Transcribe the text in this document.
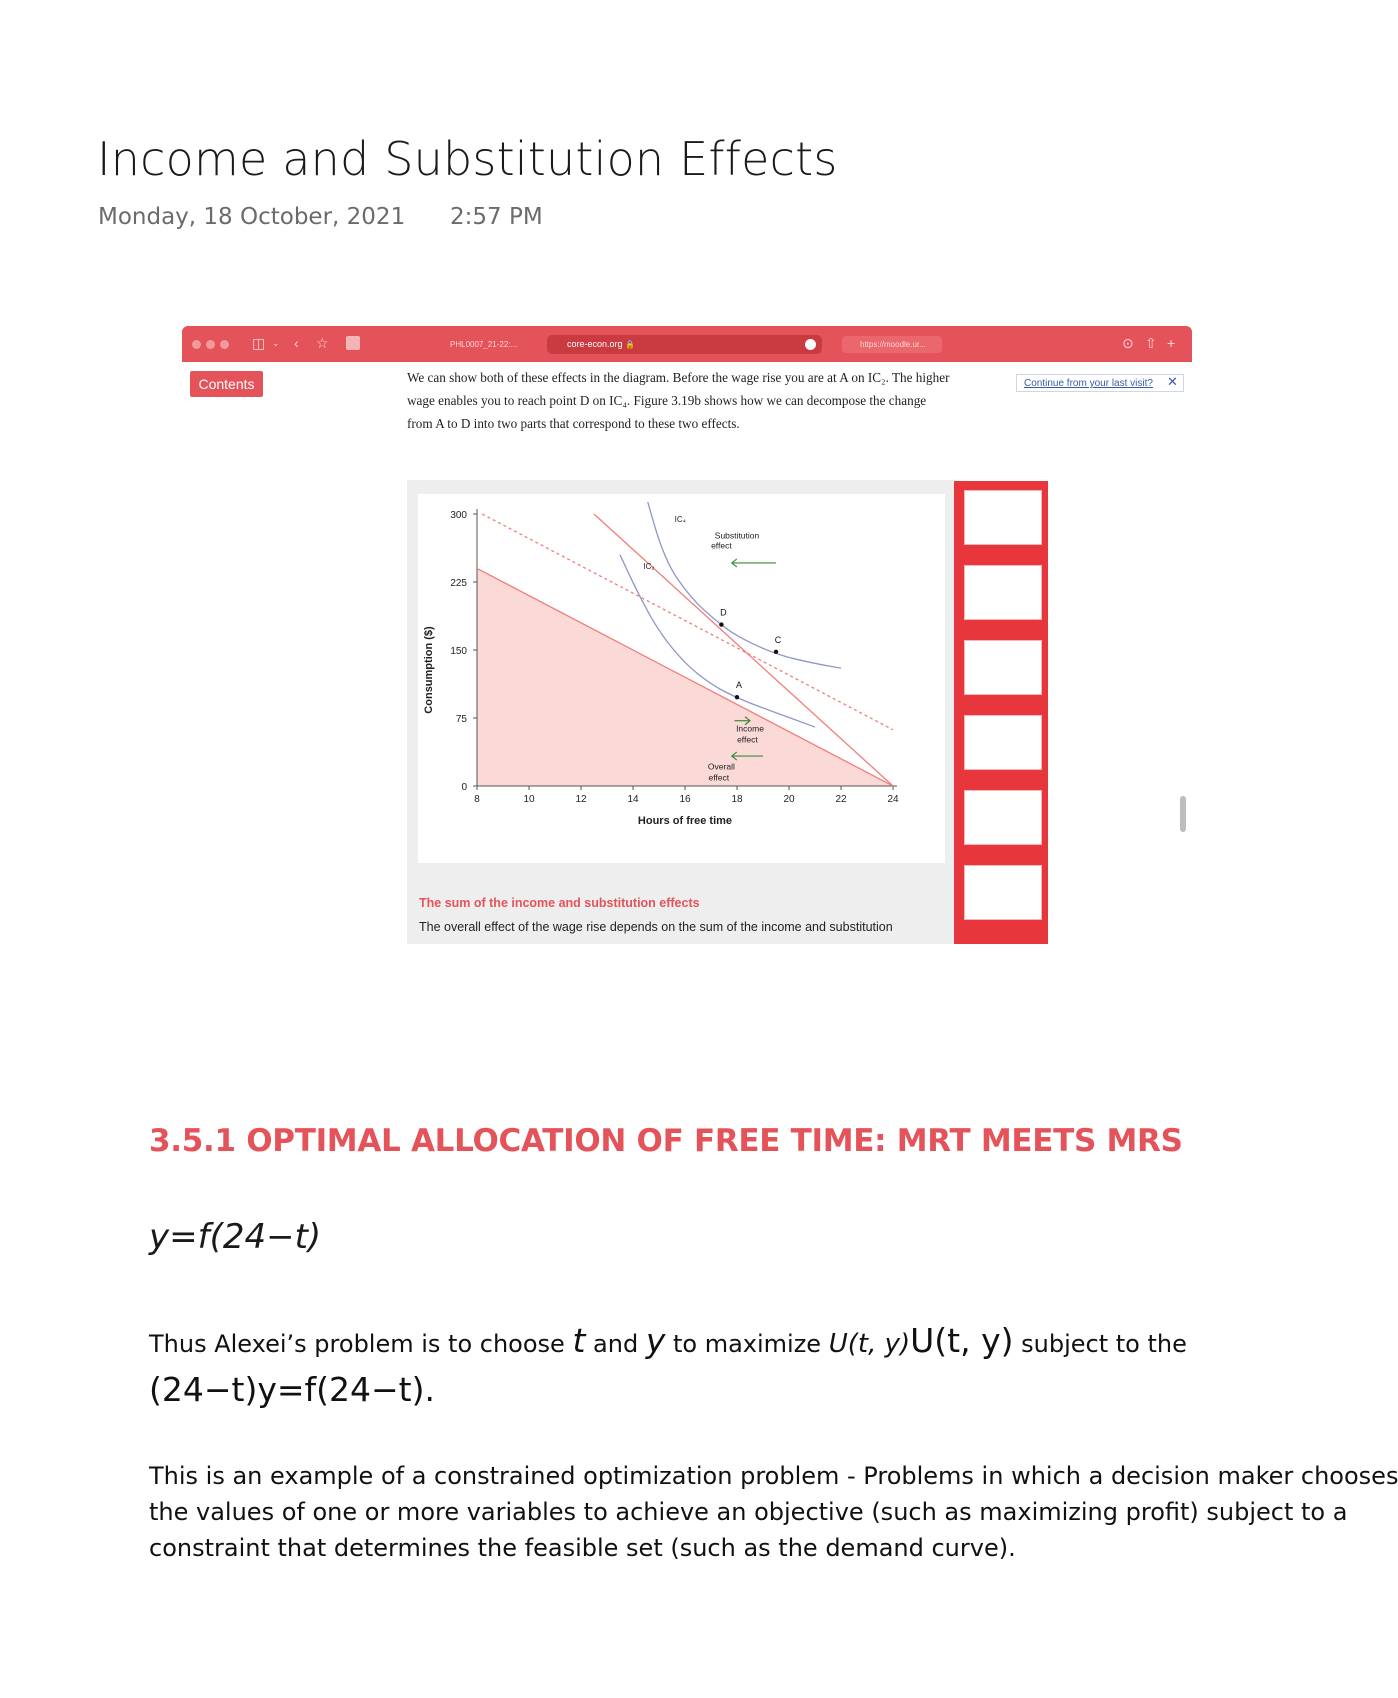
Income and Substitution Effects
Monday, 18 October, 2021 2:57 PM
◫ ⌄ ‹ ☆	PHL0007_21-22:...	core-econ.org 🔒	https://moodle.ur...	⊙ ⇧ +
Contents	Continue from your last visit?	✕
We can show both of these effects in the diagram. Before the wage rise you are at A on IC₂. The higher wage enables you to reach point D on IC₄. Figure 3.19b shows how we can decompose the change from A to D into two parts that correspond to these two effects.
8	10	12	14	16	18	20	22	24
0
75
150
225
300
Hours of free time
Consumption ($)	A
D
C
IC₄
IC₂
Substitution
effect
Income
effect
Overall
effect
The sum of the income and substitution effects
The overall effect of the wage rise depends on the sum of the income and substitution
3.5.1 OPTIMAL ALLOCATION OF FREE TIME: MRT MEETS MRS
y=f(24−t)
Thus Alexei’s problem is to choose t and y to maximize U(t, y)U(t, y) subject to the
(24−t)y=f(24−t).
This is an example of a constrained optimization problem - Problems in which a decision maker chooses
the values of one or more variables to achieve an objective (such as maximizing profit) subject to a
constraint that determines the feasible set (such as the demand curve).
